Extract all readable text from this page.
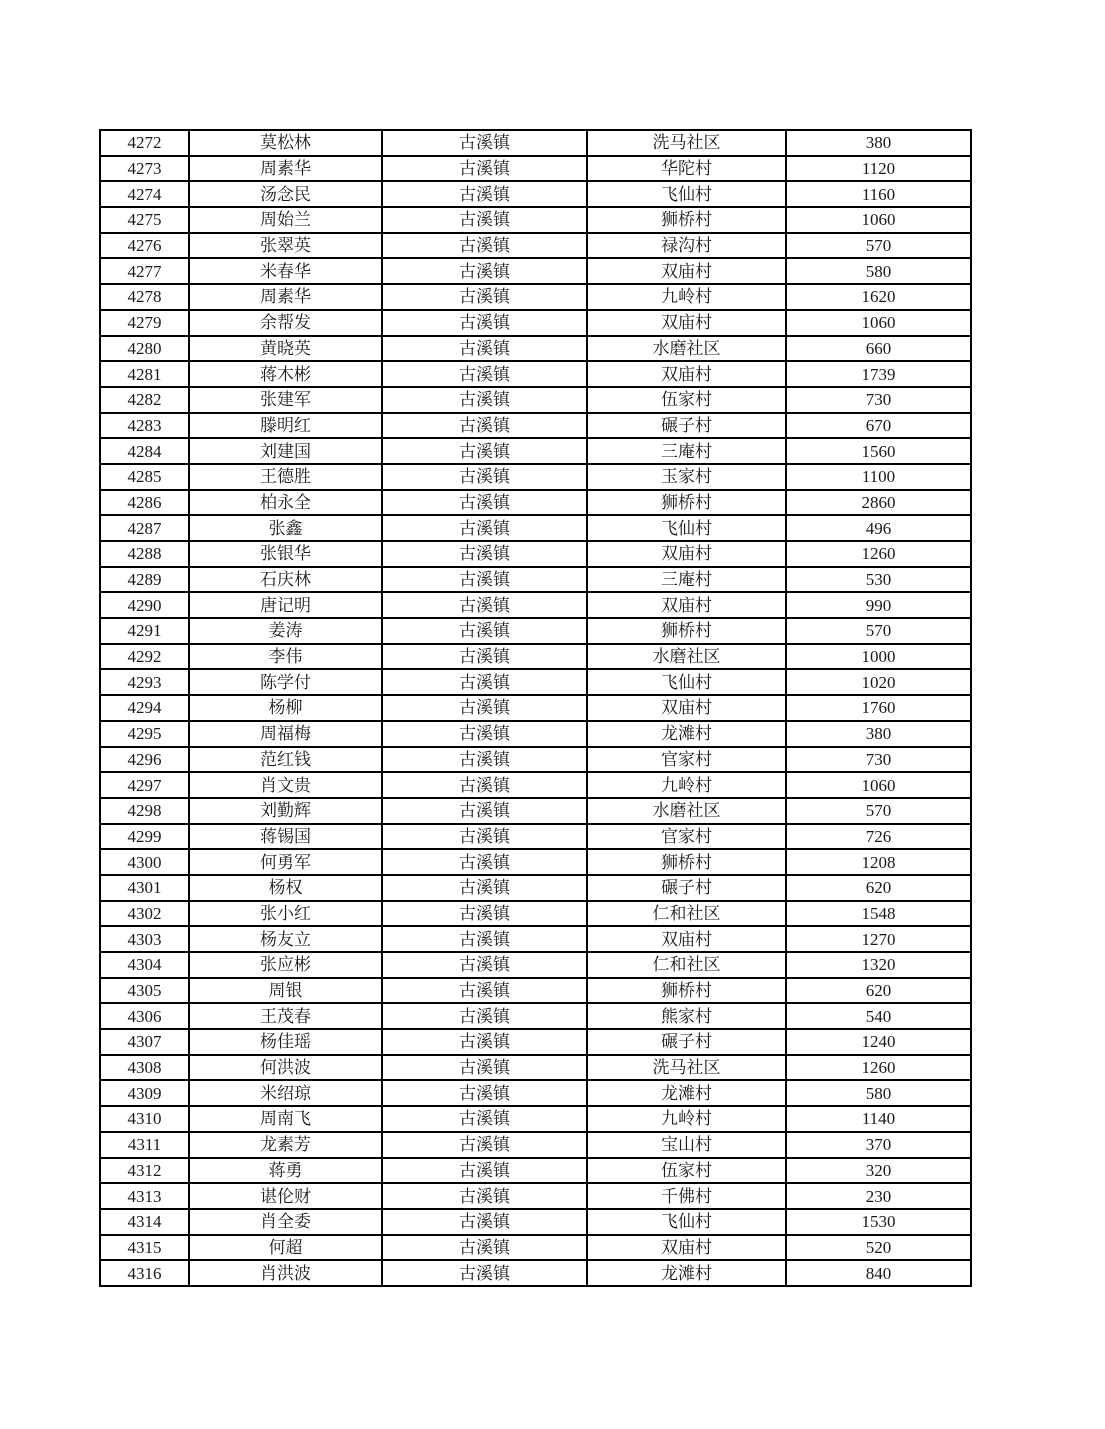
4272	莫松林	古溪镇	洗马社区	380
4273	周素华	古溪镇	华陀村	1120
4274	汤念民	古溪镇	飞仙村	1160
4275	周始兰	古溪镇	狮桥村	1060
4276	张翠英	古溪镇	禄沟村	570
4277	米春华	古溪镇	双庙村	580
4278	周素华	古溪镇	九岭村	1620
4279	余帮发	古溪镇	双庙村	1060
4280	黄晓英	古溪镇	水磨社区	660
4281	蒋木彬	古溪镇	双庙村	1739
4282	张建军	古溪镇	伍家村	730
4283	滕明红	古溪镇	碾子村	670
4284	刘建国	古溪镇	三庵村	1560
4285	王德胜	古溪镇	玉家村	1100
4286	柏永全	古溪镇	狮桥村	2860
4287	张鑫	古溪镇	飞仙村	496
4288	张银华	古溪镇	双庙村	1260
4289	石庆林	古溪镇	三庵村	530
4290	唐记明	古溪镇	双庙村	990
4291	姜涛	古溪镇	狮桥村	570
4292	李伟	古溪镇	水磨社区	1000
4293	陈学付	古溪镇	飞仙村	1020
4294	杨柳	古溪镇	双庙村	1760
4295	周福梅	古溪镇	龙滩村	380
4296	范红钱	古溪镇	官家村	730
4297	肖文贵	古溪镇	九岭村	1060
4298	刘勤辉	古溪镇	水磨社区	570
4299	蒋锡国	古溪镇	官家村	726
4300	何勇军	古溪镇	狮桥村	1208
4301	杨权	古溪镇	碾子村	620
4302	张小红	古溪镇	仁和社区	1548
4303	杨友立	古溪镇	双庙村	1270
4304	张应彬	古溪镇	仁和社区	1320
4305	周银	古溪镇	狮桥村	620
4306	王茂春	古溪镇	熊家村	540
4307	杨佳瑶	古溪镇	碾子村	1240
4308	何洪波	古溪镇	洗马社区	1260
4309	米绍琼	古溪镇	龙滩村	580
4310	周南飞	古溪镇	九岭村	1140
4311	龙素芳	古溪镇	宝山村	370
4312	蒋勇	古溪镇	伍家村	320
4313	谌伦财	古溪镇	千佛村	230
4314	肖全委	古溪镇	飞仙村	1530
4315	何超	古溪镇	双庙村	520
4316	肖洪波	古溪镇	龙滩村	840
